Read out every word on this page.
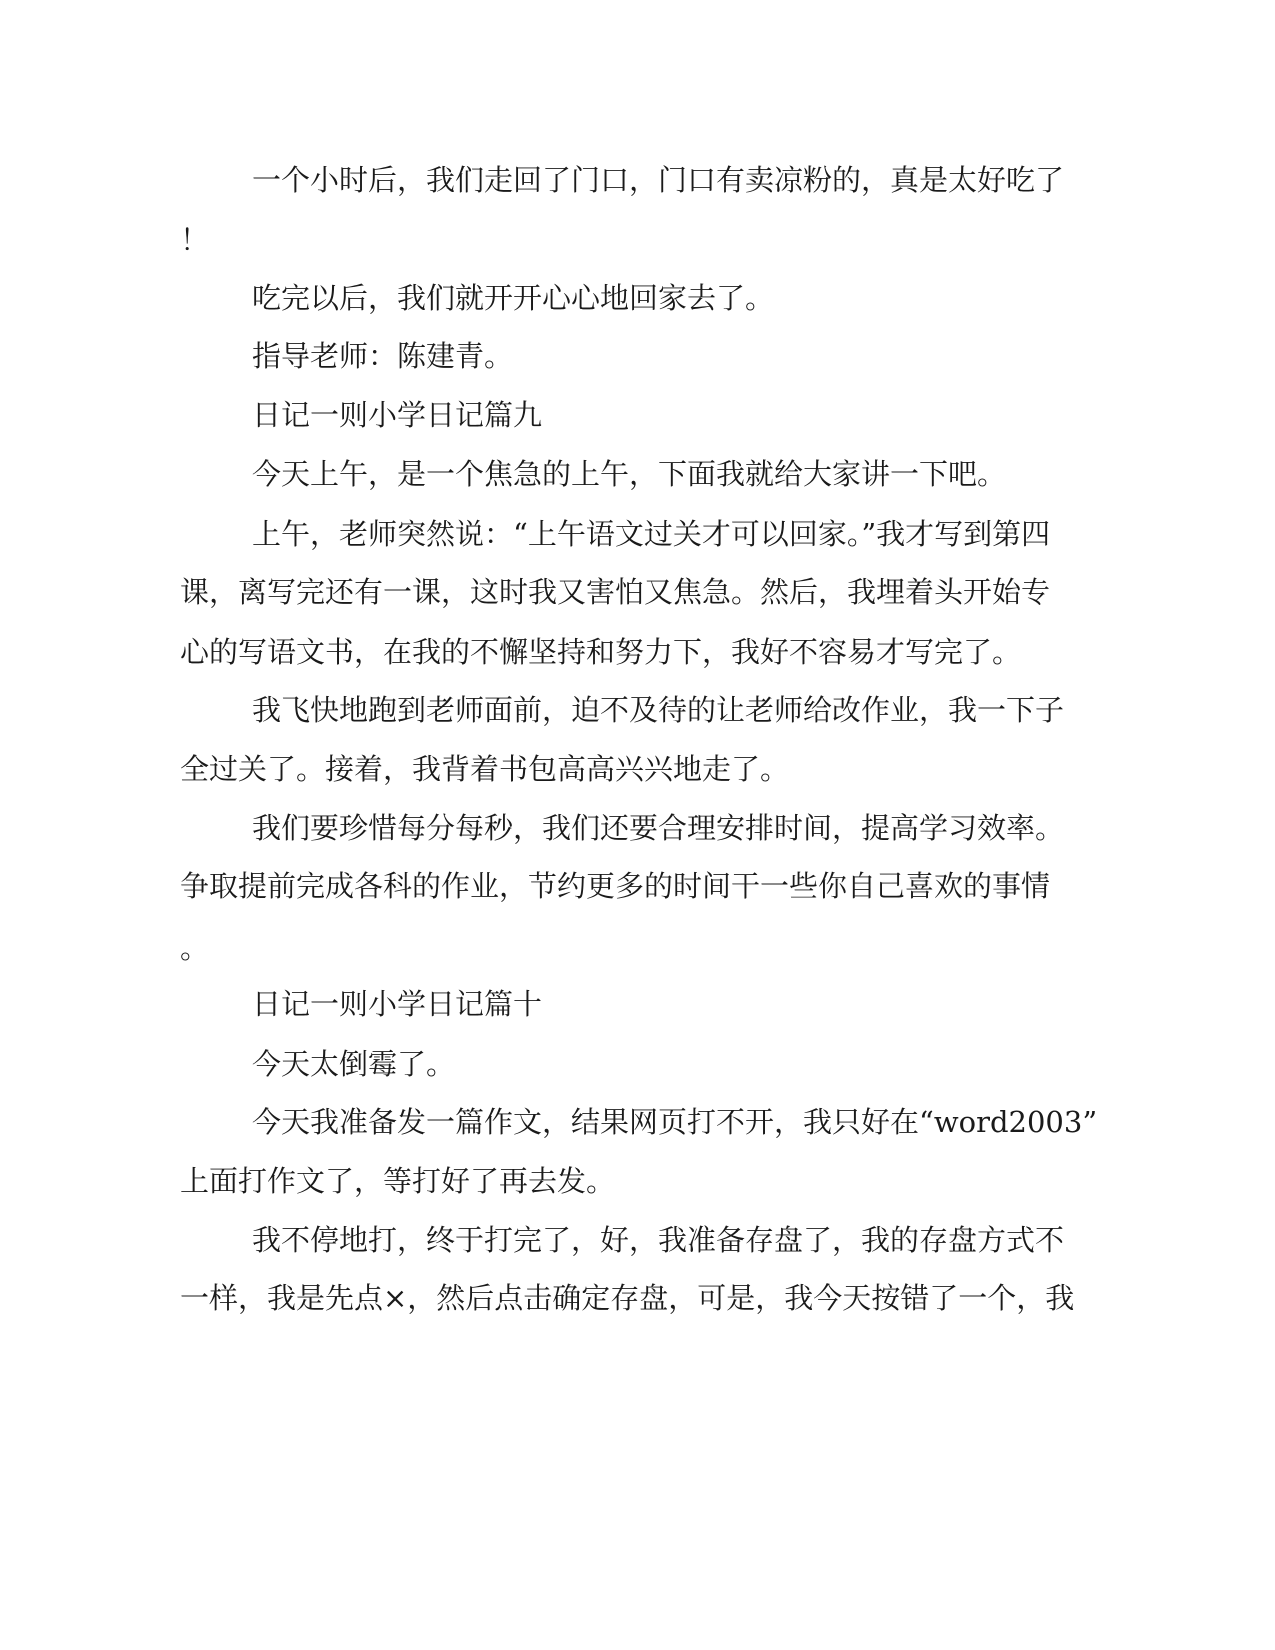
一个小时后，我们走回了门口，门口有卖凉粉的，真是太好吃了
！
吃完以后，我们就开开心心地回家去了。
指导老师：陈建青。
日记一则小学日记篇九
今天上午，是一个焦急的上午，下面我就给大家讲一下吧。
上午，老师突然说：“上午语文过关才可以回家。”我才写到第四
课，离写完还有一课，这时我又害怕又焦急。然后，我埋着头开始专
心的写语文书，在我的不懈坚持和努力下，我好不容易才写完了。
我飞快地跑到老师面前，迫不及待的让老师给改作业，我一下子
全过关了。接着，我背着书包高高兴兴地走了。
我们要珍惜每分每秒，我们还要合理安排时间，提高学习效率。
争取提前完成各科的作业，节约更多的时间干一些你自己喜欢的事情
。
日记一则小学日记篇十
今天太倒霉了。
今天我准备发一篇作文，结果网页打不开，我只好在“word2003”
上面打作文了，等打好了再去发。
我不停地打，终于打完了，好，我准备存盘了，我的存盘方式不
一样，我是先点×，然后点击确定存盘，可是，我今天按错了一个，我
